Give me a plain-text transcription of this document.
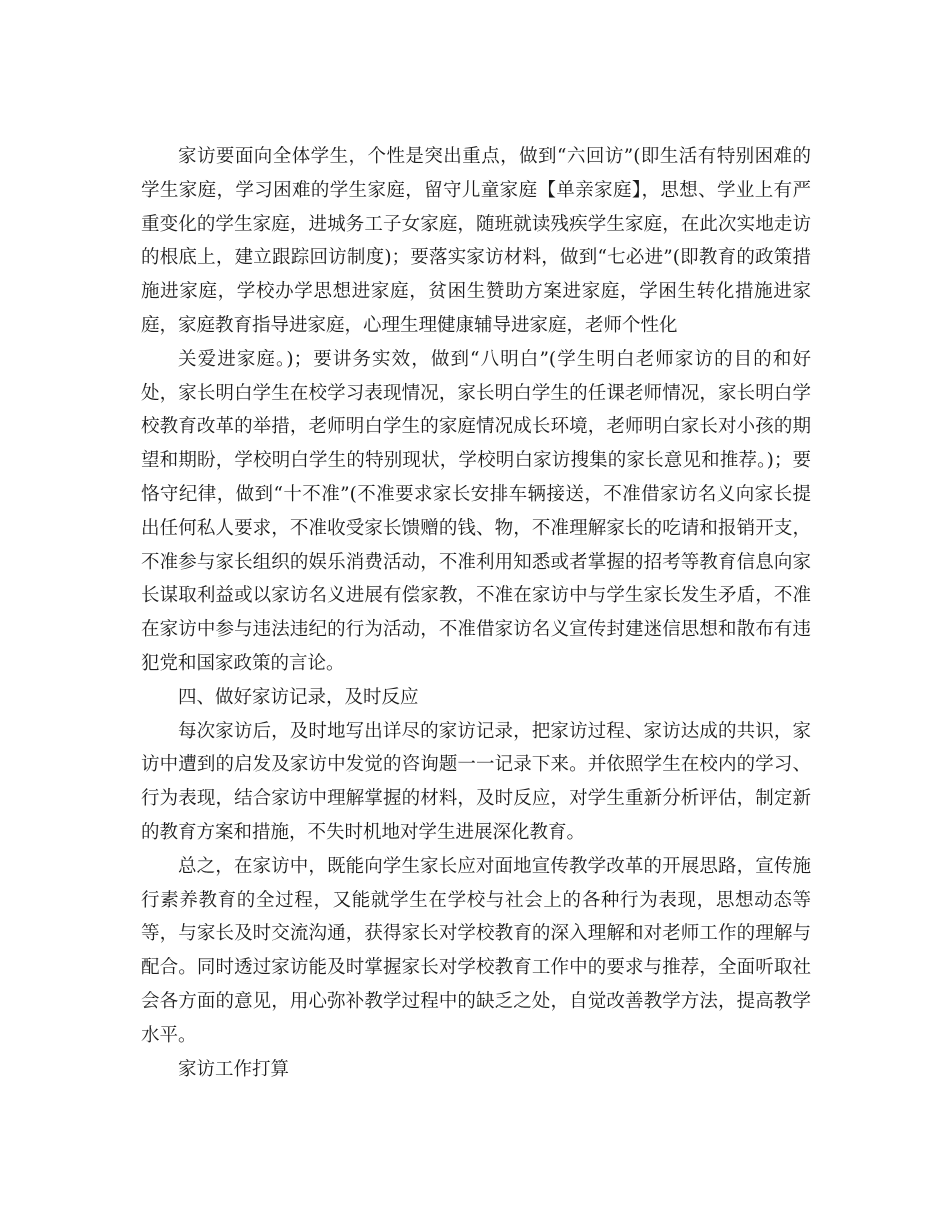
家访要面向全体学生，个性是突出重点，做到“六回访”(即生活有特别困难的学生家庭，学习困难的学生家庭，留守儿童家庭【单亲家庭】，思想、学业上有严重变化的学生家庭，进城务工子女家庭，随班就读残疾学生家庭，在此次实地走访的根底上，建立跟踪回访制度)；要落实家访材料，做到“七必进”(即教育的政策措施进家庭，学校办学思想进家庭，贫困生赞助方案进家庭，学困生转化措施进家庭，家庭教育指导进家庭，心理生理健康辅导进家庭，老师个性化

关爱进家庭。)；要讲务实效，做到“八明白”(学生明白老师家访的目的和好处，家长明白学生在校学习表现情况，家长明白学生的任课老师情况，家长明白学校教育改革的举措，老师明白学生的家庭情况成长环境，老师明白家长对小孩的期望和期盼，学校明白学生的特别现状，学校明白家访搜集的家长意见和推荐。)；要恪守纪律，做到“十不准”(不准要求家长安排车辆接送，不准借家访名义向家长提出任何私人要求，不准收受家长馈赠的钱、物，不准理解家长的吃请和报销开支，不准参与家长组织的娱乐消费活动，不准利用知悉或者掌握的招考等教育信息向家长谋取利益或以家访名义进展有偿家教，不准在家访中与学生家长发生矛盾，不准在家访中参与违法违纪的行为活动，不准借家访名义宣传封建迷信思想和散布有违犯党和国家政策的言论。

四、做好家访记录，及时反应

每次家访后，及时地写出详尽的家访记录，把家访过程、家访达成的共识，家访中遭到的启发及家访中发觉的咨询题一一记录下来。并依照学生在校内的学习、行为表现，结合家访中理解掌握的材料，及时反应，对学生重新分析评估，制定新的教育方案和措施，不失时机地对学生进展深化教育。

总之，在家访中，既能向学生家长应对面地宣传教学改革的开展思路，宣传施行素养教育的全过程，又能就学生在学校与社会上的各种行为表现，思想动态等等，与家长及时交流沟通，获得家长对学校教育的深入理解和对老师工作的理解与配合。同时透过家访能及时掌握家长对学校教育工作中的要求与推荐，全面听取社会各方面的意见，用心弥补教学过程中的缺乏之处，自觉改善教学方法，提高教学水平。

家访工作打算
